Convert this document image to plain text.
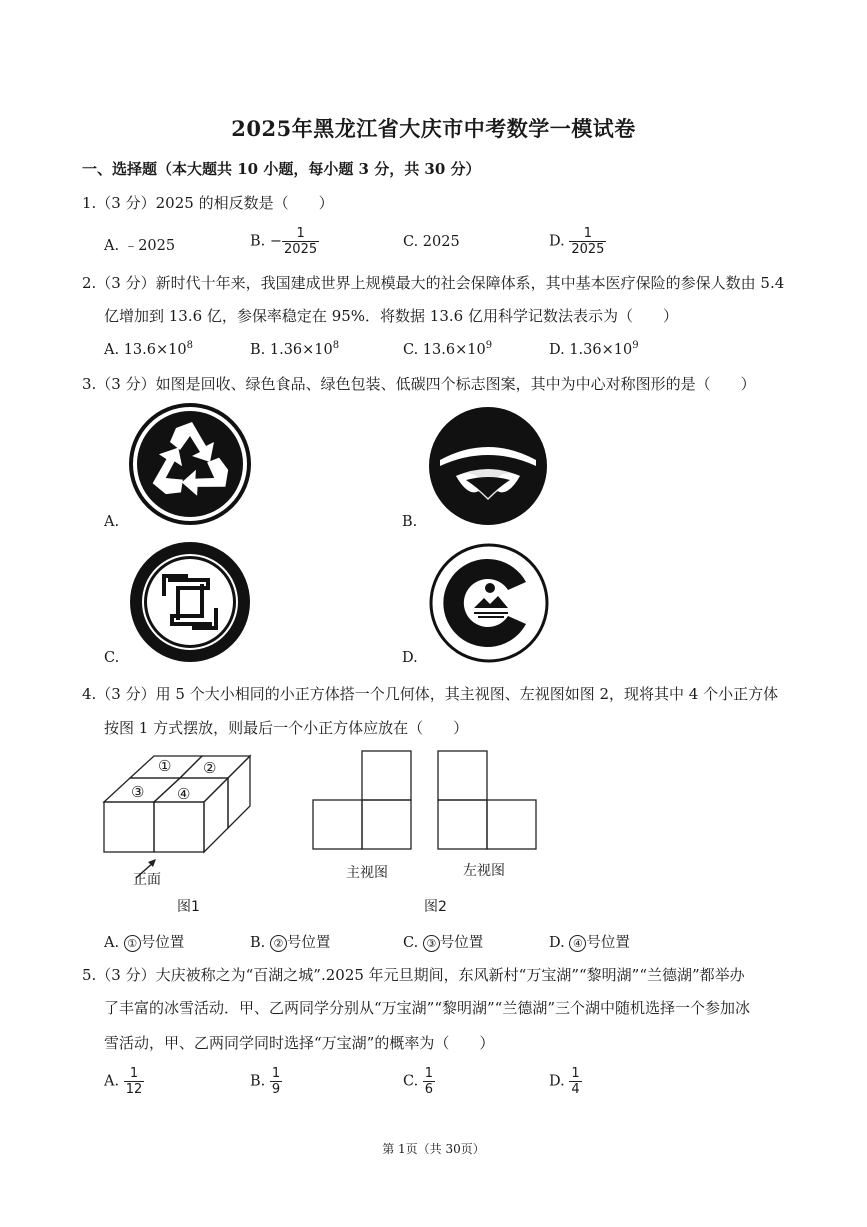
2025年黑龙江省大庆市中考数学一模试卷
一、选择题（本大题共 10 小题，每小题 3 分，共 30 分）
1.（3 分）2025 的相反数是（　　）
A. ﹣2025	B. − $\frac{1}{2025}$	C. 2025	D. $\frac{1}{2025}$
2.（3 分）新时代十年来，我国建成世界上规模最大的社会保障体系，其中基本医疗保险的参保人数由 5.4
亿增加到 13.6 亿，参保率稳定在 95%．将数据 13.6 亿用科学记数法表示为（　　）
A. $13.6\times 10^8$	B. $1.36\times 10^8$	C. $13.6\times 10^9$	D. $1.36\times 10^9$
3.（3 分）如图是回收、绿色食品、绿色包装、低碳四个标志图案，其中为中心对称图形的是（　　）
A.	B.
C.	D.
4.（3 分）用 5 个大小相同的小正方体搭一个几何体，其主视图、左视图如图 2，现将其中 4 个小正方体
按图 1 方式摆放，则最后一个小正方体应放在（　　）
① ②
③ ④
正面
图1
主视图	左视图
图2
A. ① 号位置	B. ② 号位置	C. ③ 号位置	D. ④ 号位置
5.（3 分）大庆被称之为“百湖之城”.2025 年元旦期间，东风新村“万宝湖”“黎明湖”“兰德湖”都举办
了丰富的冰雪活动．甲、乙两同学分别从“万宝湖”“黎明湖”“兰德湖”三个湖中随机选择一个参加冰
雪活动，甲、乙两同学同时选择“万宝湖”的概率为（　　）
A. $\frac{1}{12}$	B. $\frac{1}{9}$	C. $\frac{1}{6}$	D. $\frac{1}{4}$
第 1页（共 30页）
